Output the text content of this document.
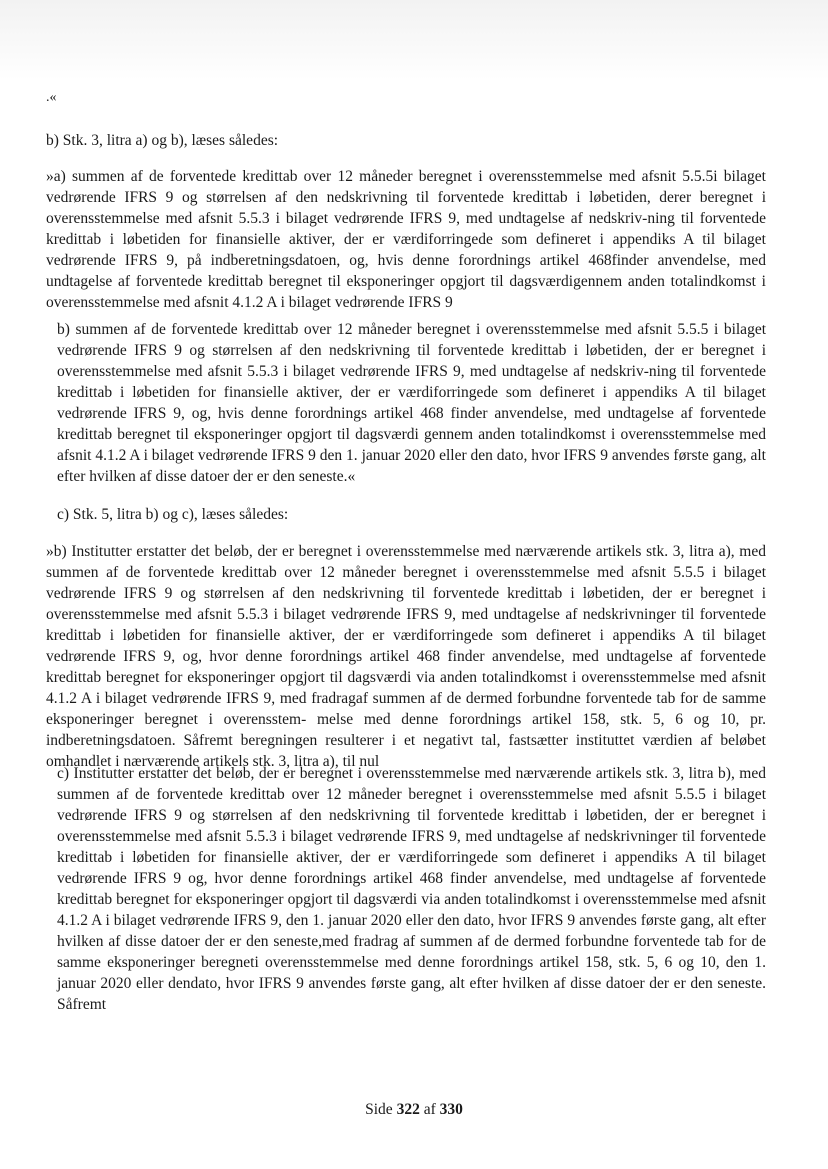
.«

b) Stk. 3, litra a) og b), læses således:

»a) summen af de forventede kredittab over 12 måneder beregnet i overensstemmelse med afsnit 5.5.5i bilaget vedrørende IFRS 9 og størrelsen af den nedskrivning til forventede kredittab i løbetiden, derer beregnet i overensstemmelse med afsnit 5.5.3 i bilaget vedrørende IFRS 9, med undtagelse af nedskriv-ning til forventede kredittab i løbetiden for finansielle aktiver, der er værdiforringede som defineret i appendiks A til bilaget vedrørende IFRS 9, på indberetningsdatoen, og, hvis denne forordnings artikel 468finder anvendelse, med undtagelse af forventede kredittab beregnet til eksponeringer opgjort til dagsværdigennem anden totalindkomst i overensstemmelse med afsnit 4.1.2 A i bilaget vedrørende IFRS 9

b) summen af de forventede kredittab over 12 måneder beregnet i overensstemmelse med afsnit 5.5.5 i bilaget vedrørende IFRS 9 og størrelsen af den nedskrivning til forventede kredittab i løbetiden, der er beregnet i overensstemmelse med afsnit 5.5.3 i bilaget vedrørende IFRS 9, med undtagelse af nedskriv-ning til forventede kredittab i løbetiden for finansielle aktiver, der er værdiforringede som defineret i appendiks A til bilaget vedrørende IFRS 9, og, hvis denne forordnings artikel 468 finder anvendelse, med undtagelse af forventede kredittab beregnet til eksponeringer opgjort til dagsværdi gennem anden totalindkomst i overensstemmelse med afsnit 4.1.2 A i bilaget vedrørende IFRS 9 den 1. januar 2020 eller den dato, hvor IFRS 9 anvendes første gang, alt efter hvilken af disse datoer der er den seneste.«

c) Stk. 5, litra b) og c), læses således:

»b) Institutter erstatter det beløb, der er beregnet i overensstemmelse med nærværende artikels stk. 3, litra a), med summen af de forventede kredittab over 12 måneder beregnet i overensstemmelse med afsnit 5.5.5 i bilaget vedrørende IFRS 9 og størrelsen af den nedskrivning til forventede kredittab i løbetiden, der er beregnet i overensstemmelse med afsnit 5.5.3 i bilaget vedrørende IFRS 9, med undtagelse af nedskrivninger til forventede kredittab i løbetiden for finansielle aktiver, der er værdiforringede som defineret i appendiks A til bilaget vedrørende IFRS 9, og, hvor denne forordnings artikel 468 finder anvendelse, med undtagelse af forventede kredittab beregnet for eksponeringer opgjort til dagsværdi via anden totalindkomst i overensstemmelse med afsnit 4.1.2 A i bilaget vedrørende IFRS 9, med fradragaf summen af de dermed forbundne forventede tab for de samme eksponeringer beregnet i overensstem- melse med denne forordnings artikel 158, stk. 5, 6 og 10, pr. indberetningsdatoen. Såfremt beregningen resulterer i et negativt tal, fastsætter instituttet værdien af beløbet omhandlet i nærværende artikels stk. 3, litra a), til nul

c) Institutter erstatter det beløb, der er beregnet i overensstemmelse med nærværende artikels stk. 3, litra b), med summen af de forventede kredittab over 12 måneder beregnet i overensstemmelse med afsnit 5.5.5 i bilaget vedrørende IFRS 9 og størrelsen af den nedskrivning til forventede kredittab i løbetiden, der er beregnet i overensstemmelse med afsnit 5.5.3 i bilaget vedrørende IFRS 9, med undtagelse af nedskrivninger til forventede kredittab i løbetiden for finansielle aktiver, der er værdiforringede som defineret i appendiks A til bilaget vedrørende IFRS 9 og, hvor denne forordnings artikel 468 finder anvendelse, med undtagelse af forventede kredittab beregnet for eksponeringer opgjort til dagsværdi via anden totalindkomst i overensstemmelse med afsnit 4.1.2 A i bilaget vedrørende IFRS 9, den 1. januar 2020 eller den dato, hvor IFRS 9 anvendes første gang, alt efter hvilken af disse datoer der er den seneste,med fradrag af summen af de dermed forbundne forventede tab for de samme eksponeringer beregneti overensstemmelse med denne forordnings artikel 158, stk. 5, 6 og 10, den 1. januar 2020 eller dendato, hvor IFRS 9 anvendes første gang, alt efter hvilken af disse datoer der er den seneste. Såfremt

Side 322 af 330
